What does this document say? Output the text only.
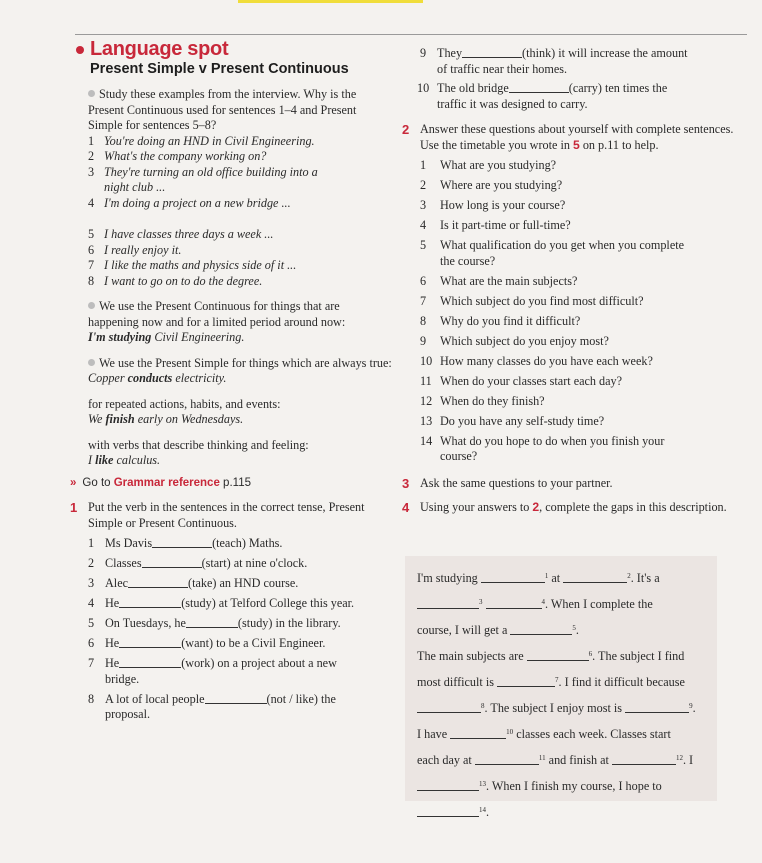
Language spot
Present Simple v Present Continuous
Study these examples from the interview. Why is the Present Continuous used for sentences 1–4 and Present Simple for sentences 5–8?
1 You're doing an HND in Civil Engineering.
2 What's the company working on?
3 They're turning an old office building into a
night club ...
4 I'm doing a project on a new bridge ...
5 I have classes three days a week ...
6 I really enjoy it.
7 I like the maths and physics side of it ...
8 I want to go on to do the degree.
We use the Present Continuous for things that are happening now and for a limited period around now:
I'm studying Civil Engineering.
We use the Present Simple for things which are always true:
Copper conducts electricity.
for repeated actions, habits, and events:
We finish early on Wednesdays.
with verbs that describe thinking and feeling:
I like calculus.
» Go to Grammar reference p.115
1 Put the verb in the sentences in the correct tense, Present Simple or Present Continuous.
1 Ms Davis	(teach) Maths.
2 Classes	(start) at nine o'clock.
3 Alec	(take) an HND course.
4 He	(study) at Telford College this year.
5 On Tuesdays, he	(study) in the library.
6 He	(want) to be a Civil Engineer.
7 He	(work) on a project about a new
bridge.
8 A lot of local people	(not / like) the
proposal.
9 They	(think) it will increase the amount
of traffic near their homes.
10 The old bridge	(carry) ten times the
traffic it was designed to carry.
2 Answer these questions about yourself with complete sentences. Use the timetable you wrote in 5 on p.11 to help.
1	What are you studying?
2	Where are you studying?
3	How long is your course?
4	Is it part-time or full-time?
5	What qualification do you get when you complete
the course?
6	What are the main subjects?
7	Which subject do you find most difficult?
8	Why do you find it difficult?
9	Which subject do you enjoy most?
10 How many classes do you have each week?
11 When do your classes start each day?
12 When do they finish?
13 Do you have any self-study time?
14 What do you hope to do when you finish your
course?
3 Ask the same questions to your partner.
4 Using your answers to 2, complete the gaps in this description.
I'm studying	$^1$ at	$^2$. It's a
$^3$	$^4$. When I complete the
course, I will get a	$^5$.
The main subjects are	$^6$. The subject I find
most difficult is	$^7$. I find it difficult because
$^8$. The subject I enjoy most is	$^9$.
I have	$^{10}$ classes each week. Classes start
each day at	$^{11}$ and finish at	$^{12}$. I
$^{13}$. When I finish my course, I hope to
$^{14}$.
